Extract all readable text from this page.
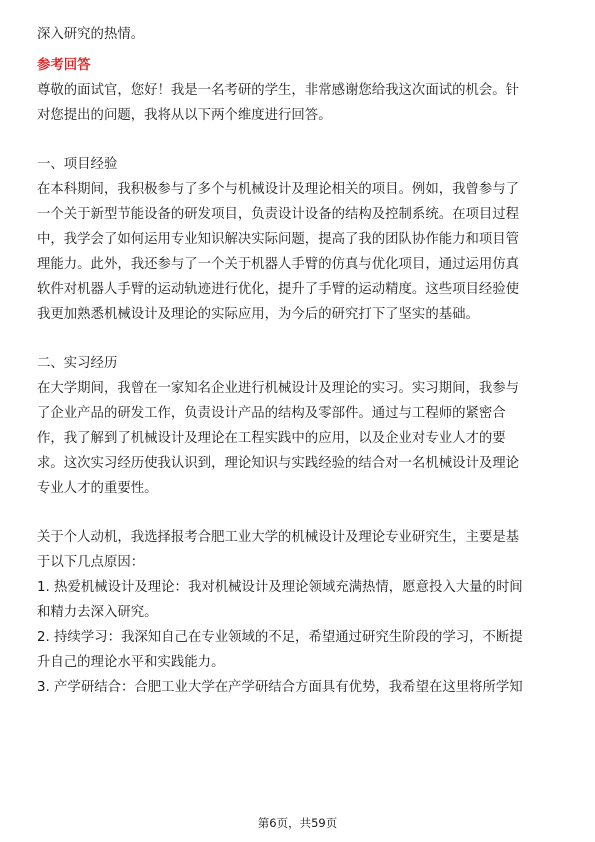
深入研究的热情。
参考回答
尊敬的面试官，您好！我是一名考研的学生，非常感谢您给我这次面试的机会。针
对您提出的问题，我将从以下两个维度进行回答。
一、项目经验
在本科期间，我积极参与了多个与机械设计及理论相关的项目。例如，我曾参与了
一个关于新型节能设备的研发项目，负责设计设备的结构及控制系统。在项目过程
中，我学会了如何运用专业知识解决实际问题，提高了我的团队协作能力和项目管
理能力。此外，我还参与了一个关于机器人手臂的仿真与优化项目，通过运用仿真
软件对机器人手臂的运动轨迹进行优化，提升了手臂的运动精度。这些项目经验使
我更加熟悉机械设计及理论的实际应用，为今后的研究打下了坚实的基础。
二、实习经历
在大学期间，我曾在一家知名企业进行机械设计及理论的实习。实习期间，我参与
了企业产品的研发工作，负责设计产品的结构及零部件。通过与工程师的紧密合
作，我了解到了机械设计及理论在工程实践中的应用，以及企业对专业人才的要
求。这次实习经历使我认识到，理论知识与实践经验的结合对一名机械设计及理论
专业人才的重要性。
关于个人动机，我选择报考合肥工业大学的机械设计及理论专业研究生，主要是基
于以下几点原因：
1. 热爱机械设计及理论：我对机械设计及理论领域充满热情，愿意投入大量的时间
和精力去深入研究。
2. 持续学习：我深知自己在专业领域的不足，希望通过研究生阶段的学习，不断提
升自己的理论水平和实践能力。
3. 产学研结合：合肥工业大学在产学研结合方面具有优势，我希望在这里将所学知
第6页，共59页
